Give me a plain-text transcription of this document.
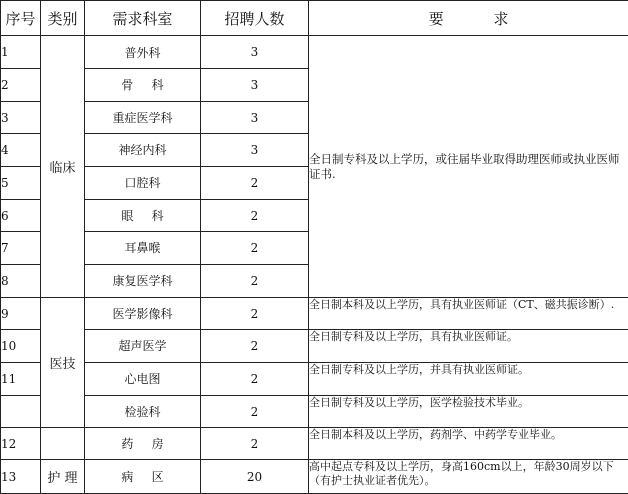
序号	类别	需求科室	招聘人数	要 求
1	临床	普外科	3	全日制专科及以上学历，或往届毕业取得助理医师或执业医师证书.
2		骨 科	3	
3		重症医学科	3	
4		神经内科	3	
5		口腔科	2	
6		眼 科	2	
7		耳鼻喉	2	
8		康复医学科	2	
9	医技	医学影像科	2	全日制本科及以上学历，具有执业医师证（CT、磁共振诊断）.
10		超声医学	2	全日制专科及以上学历，具有执业医师证。
11		心电图	2	全日制专科及以上学历，并具有执业医师证。
		检验科	2	全日制专科及以上学历，医学检验技术毕业。
12		药 房	2	全日制本科及以上学历，药剂学、中药学专业毕业。
13	护 理	病 区	20	高中起点专科及以上学历，身高160cm以上，年龄30周岁以下（有护士执业证者优先）。
